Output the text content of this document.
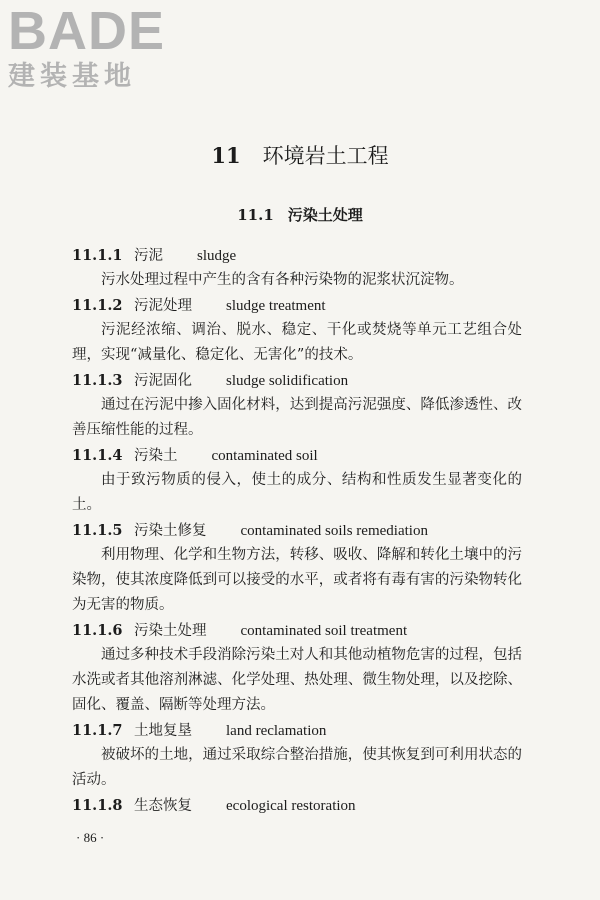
BADE
建装基地
11 环境岩土工程
11.1 污染土处理
11.1.1 污泥 sludge
污水处理过程中产生的含有各种污染物的泥浆状沉淀物。
11.1.2 污泥处理 sludge treatment
污泥经浓缩、调治、脱水、稳定、干化或焚烧等单元工艺组合处理，实现“减量化、稳定化、无害化”的技术。
11.1.3 污泥固化 sludge solidification
通过在污泥中掺入固化材料，达到提高污泥强度、降低渗透性、改善压缩性能的过程。
11.1.4 污染土 contaminated soil
由于致污物质的侵入，使土的成分、结构和性质发生显著变化的土。
11.1.5 污染土修复 contaminated soils remediation
利用物理、化学和生物方法，转移、吸收、降解和转化土壤中的污染物，使其浓度降低到可以接受的水平，或者将有毒有害的污染物转化为无害的物质。
11.1.6 污染土处理 contaminated soil treatment
通过多种技术手段消除污染土对人和其他动植物危害的过程，包括水洗或者其他溶剂淋滤、化学处理、热处理、微生物处理，以及挖除、固化、覆盖、隔断等处理方法。
11.1.7 土地复垦 land reclamation
被破坏的土地，通过采取综合整治措施，使其恢复到可利用状态的活动。
11.1.8 生态恢复 ecological restoration
· 86 ·
